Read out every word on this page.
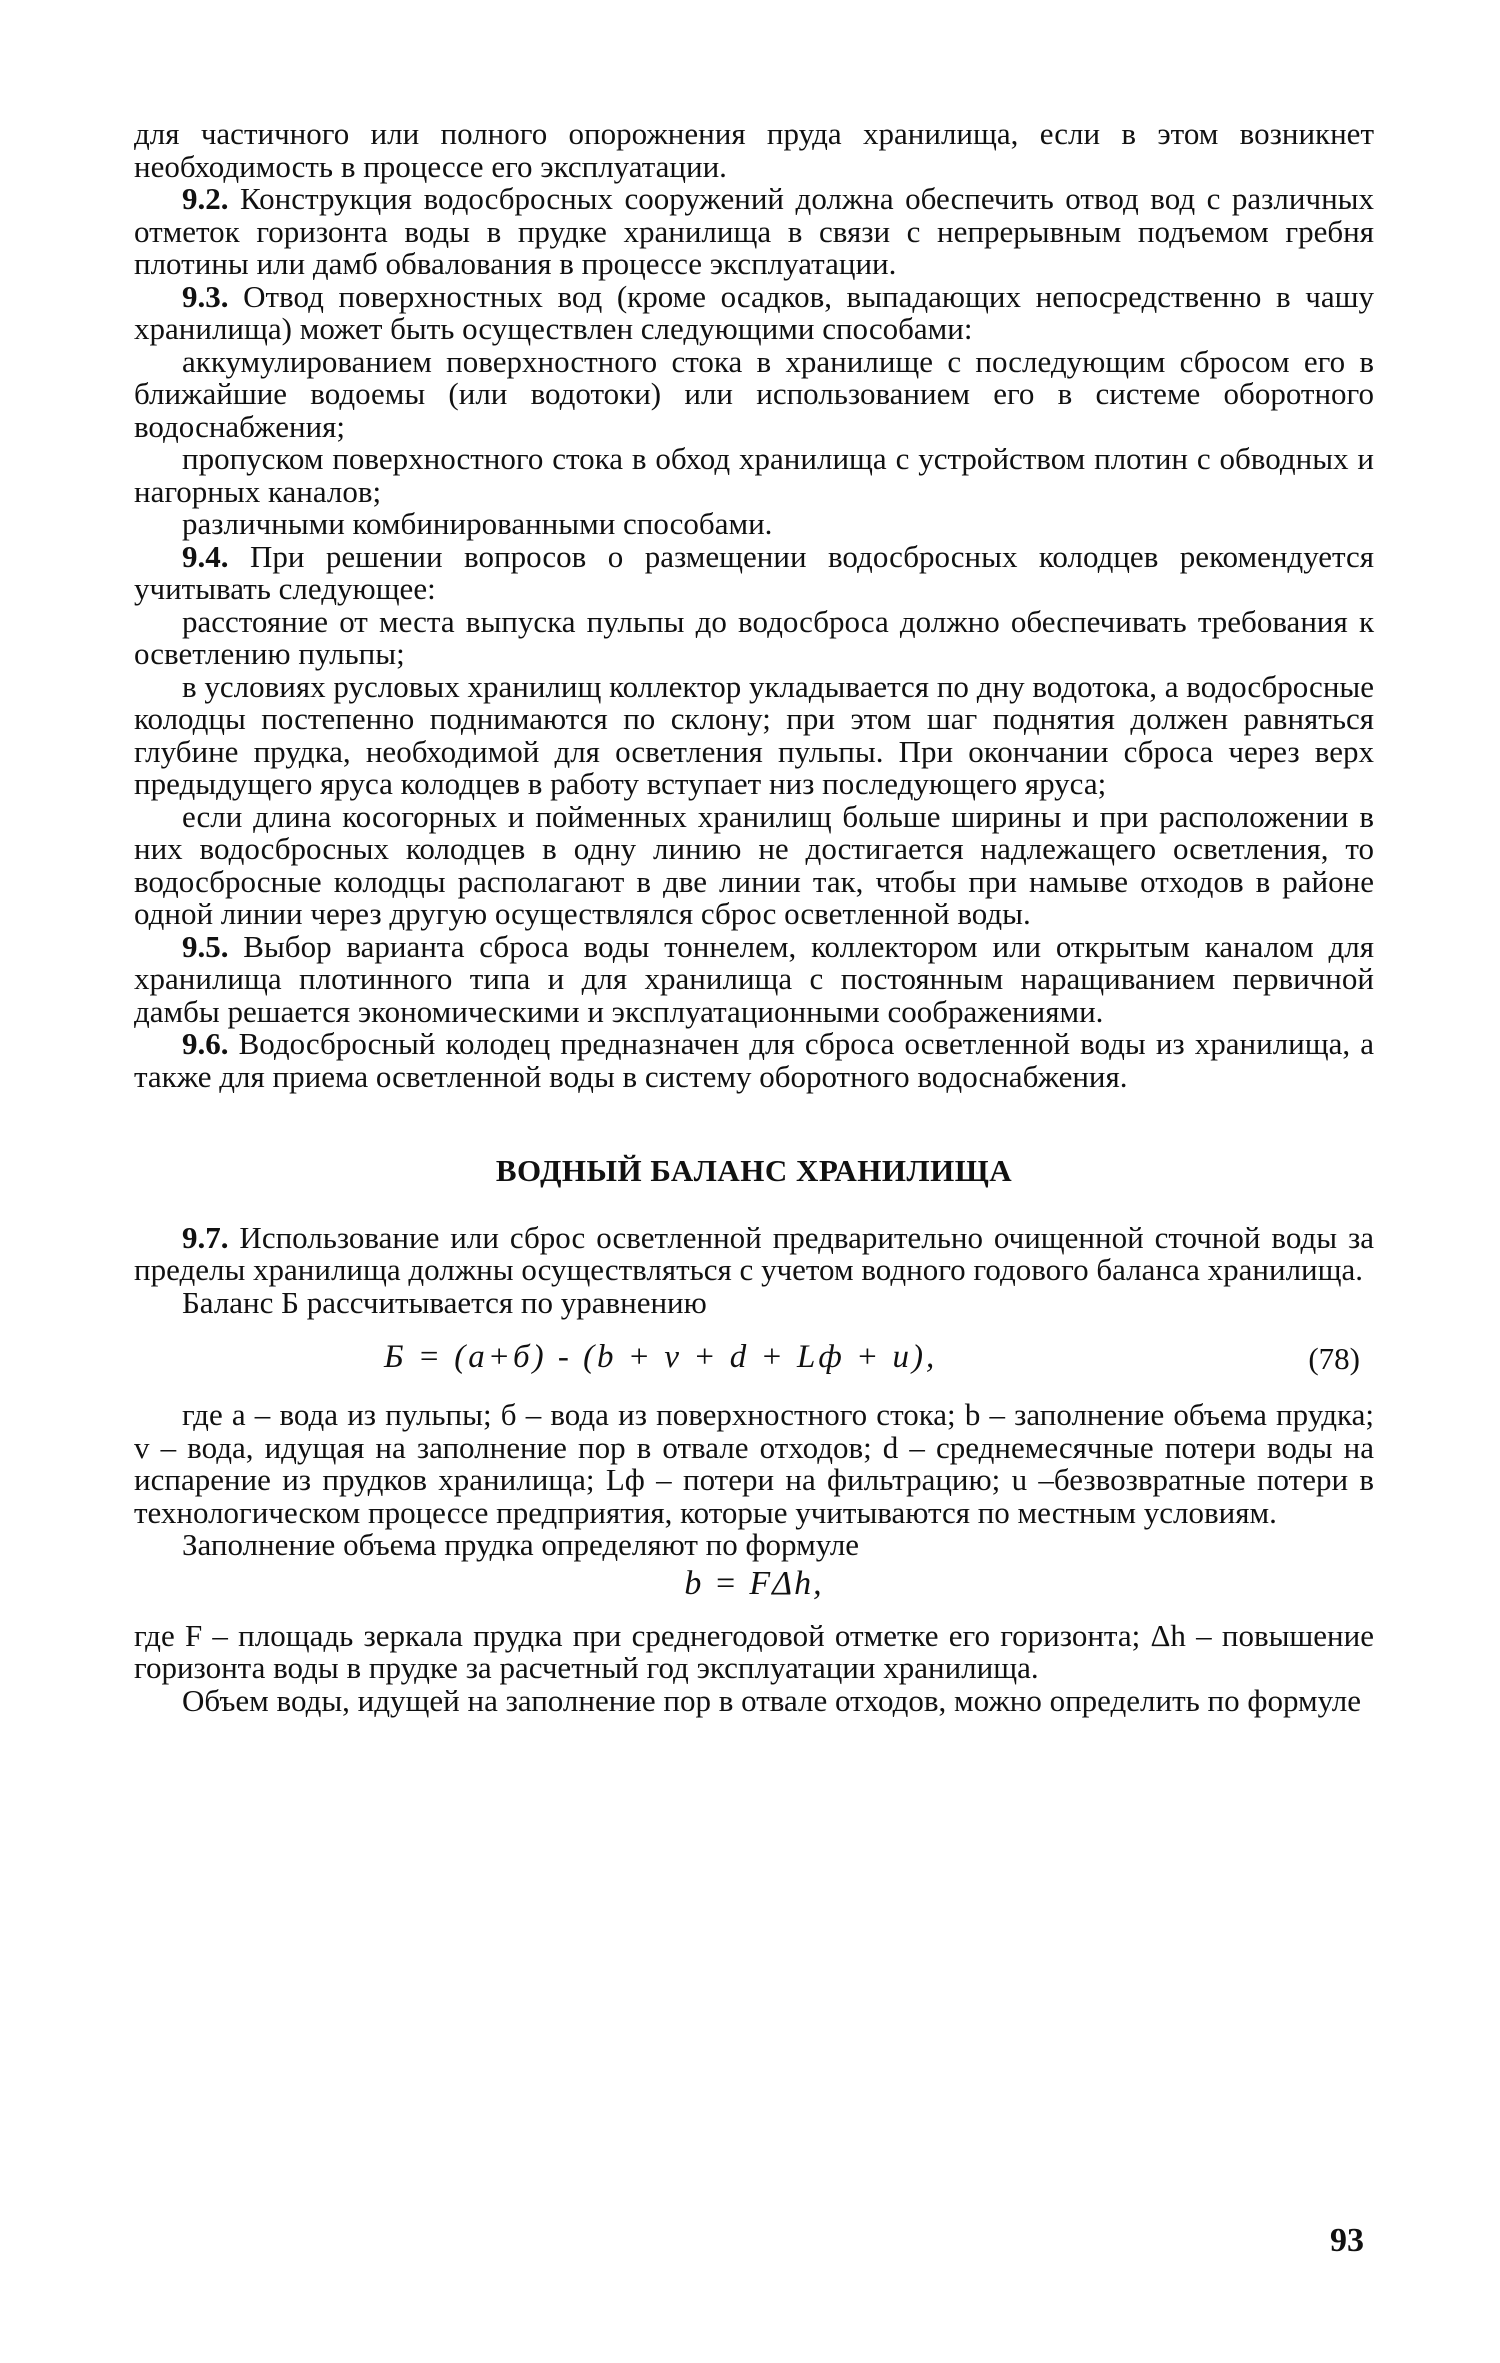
для частичного или полного опорожнения пруда хранилища, если в этом возникнет необходимость в процессе его эксплуатации.

9.2. Конструкция водосбросных сооружений должна обеспечить отвод вод с различных отметок горизонта воды в прудке хранилища в связи с непрерывным подъемом гребня плотины или дамб обвалования в процессе эксплуатации.

9.3. Отвод поверхностных вод (кроме осадков, выпадающих непосредственно в чашу хранилища) может быть осуществлен следующими способами:

аккумулированием поверхностного стока в хранилище с последующим сбросом его в ближайшие водоемы (или водотоки) или использованием его в системе оборотного водоснабжения;

пропуском поверхностного стока в обход хранилища с устройством плотин с обводных и нагорных каналов;

различными комбинированными способами.

9.4. При решении вопросов о размещении водосбросных колодцев рекомендуется учитывать следующее:

расстояние от места выпуска пульпы до водосброса должно обеспечивать требования к осветлению пульпы;

в условиях русловых хранилищ коллектор укладывается по дну водотока, а водосбросные колодцы постепенно поднимаются по склону; при этом шаг поднятия должен равняться глубине прудка, необходимой для осветления пульпы. При окончании сброса через верх предыдущего яруса колодцев в работу вступает низ последующего яруса;

если длина косогорных и пойменных хранилищ больше ширины и при расположении в них водосбросных колодцев в одну линию не достигается надлежащего осветления, то водосбросные колодцы располагают в две линии так, чтобы при намыве отходов в районе одной линии через другую осуществлялся сброс осветленной воды.

9.5. Выбор варианта сброса воды тоннелем, коллектором или открытым каналом для хранилища плотинного типа и для хранилища с постоянным наращиванием первичной дамбы решается экономическими и эксплуатационными соображениями.

9.6. Водосбросный колодец предназначен для сброса осветленной воды из хранилища, а также для приема осветленной воды в систему оборотного водоснабжения.

ВОДНЫЙ БАЛАНС ХРАНИЛИЩА

9.7. Использование или сброс осветленной предварительно очищенной сточной воды за пределы хранилища должны осуществляться с учетом водного годового баланса хранилища.

Баланс Б рассчитывается по уравнению

Б = (а+б) - (b + v + d + Lф + u),	(78)

где а – вода из пульпы; б – вода из поверхностного стока; b – заполнение объема прудка; v – вода, идущая на заполнение пор в отвале отходов; d – среднемесячные потери воды на испарение из прудков хранилища; Lф – потери на фильтрацию; u –безвозвратные потери в технологическом процессе предприятия, которые учитываются по местным условиям.

Заполнение объема прудка определяют по формуле

b = FΔh,

где F – площадь зеркала прудка при среднегодовой отметке его горизонта; Δh – повышение горизонта воды в прудке за расчетный год эксплуатации хранилища.

Объем воды, идущей на заполнение пор в отвале отходов, можно определить по формуле

93
